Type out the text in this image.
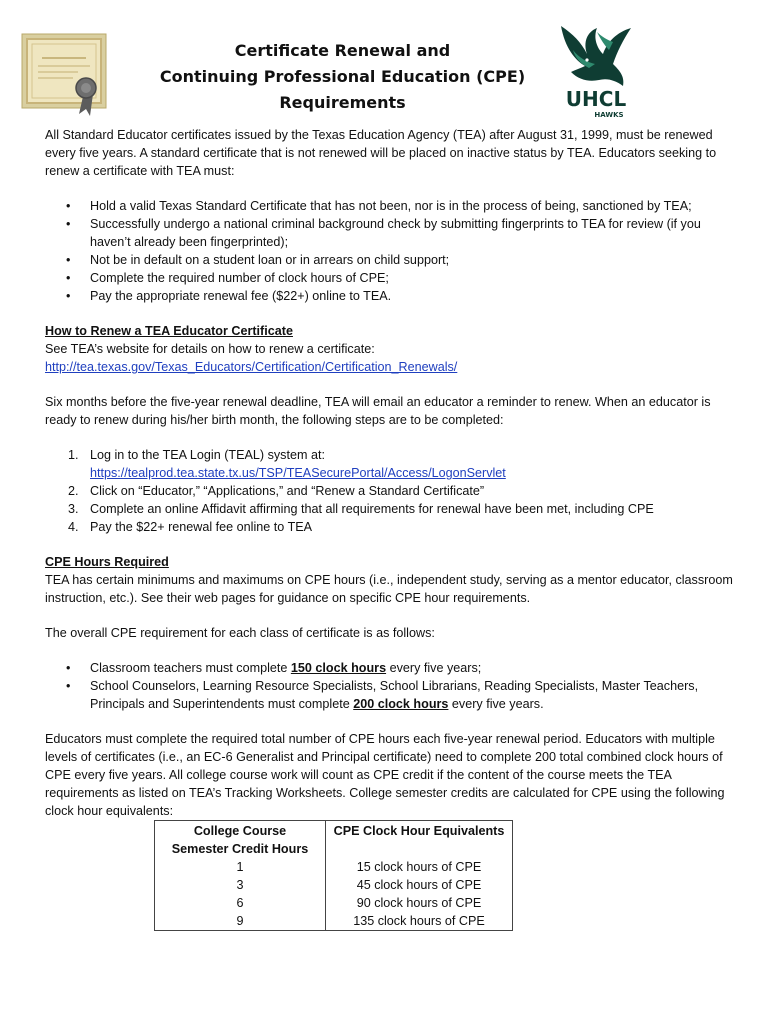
Certificate Renewal and
Continuing Professional Education (CPE)
Requirements	UHCL
HAWKS

All Standard Educator certificates issued by the Texas Education Agency (TEA) after August 31, 1999, must be renewed every five years. A standard certificate that is not renewed will be placed on inactive status by TEA. Educators seeking to renew a certificate with TEA must:

• Hold a valid Texas Standard Certificate that has not been, nor is in the process of being, sanctioned by TEA;
• Successfully undergo a national criminal background check by submitting fingerprints to TEA for review (if you haven’t already been fingerprinted);
• Not be in default on a student loan or in arrears on child support;
• Complete the required number of clock hours of CPE;
• Pay the appropriate renewal fee ($22+) online to TEA.

How to Renew a TEA Educator Certificate

See TEA’s website for details on how to renew a certificate:

http://tea.texas.gov/Texas_Educators/Certification/Certification_Renewals/

Six months before the five-year renewal deadline, TEA will email an educator a reminder to renew. When an educator is ready to renew during his/her birth month, the following steps are to be completed:

1. Log in to the TEA Login (TEAL) system at:
https://tealprod.tea.state.tx.us/TSP/TEASecurePortal/Access/LogonServlet
2. Click on “Educator,” “Applications,” and “Renew a Standard Certificate”
3. Complete an online Affidavit affirming that all requirements for renewal have been met, including CPE
4. Pay the $22+ renewal fee online to TEA

CPE Hours Required

TEA has certain minimums and maximums on CPE hours (i.e., independent study, serving as a mentor educator, classroom instruction, etc.). See their web pages for guidance on specific CPE hour requirements.

The overall CPE requirement for each class of certificate is as follows:

• Classroom teachers must complete 150 clock hours every five years;
• School Counselors, Learning Resource Specialists, School Librarians, Reading Specialists, Master Teachers, Principals and Superintendents must complete 200 clock hours every five years.

Educators must complete the required total number of CPE hours each five-year renewal period. Educators with multiple levels of certificates (i.e., an EC-6 Generalist and Principal certificate) need to complete 200 total combined clock hours of CPE every five years. All college course work will count as CPE credit if the content of the course meets the TEA requirements as listed on TEA’s Tracking Worksheets. College semester credits are calculated for CPE using the following clock hour equivalents:

College Course
Semester Credit Hours	CPE Clock Hour Equivalents
1	15 clock hours of CPE
3	45 clock hours of CPE
6	90 clock hours of CPE
9	135 clock hours of CPE
